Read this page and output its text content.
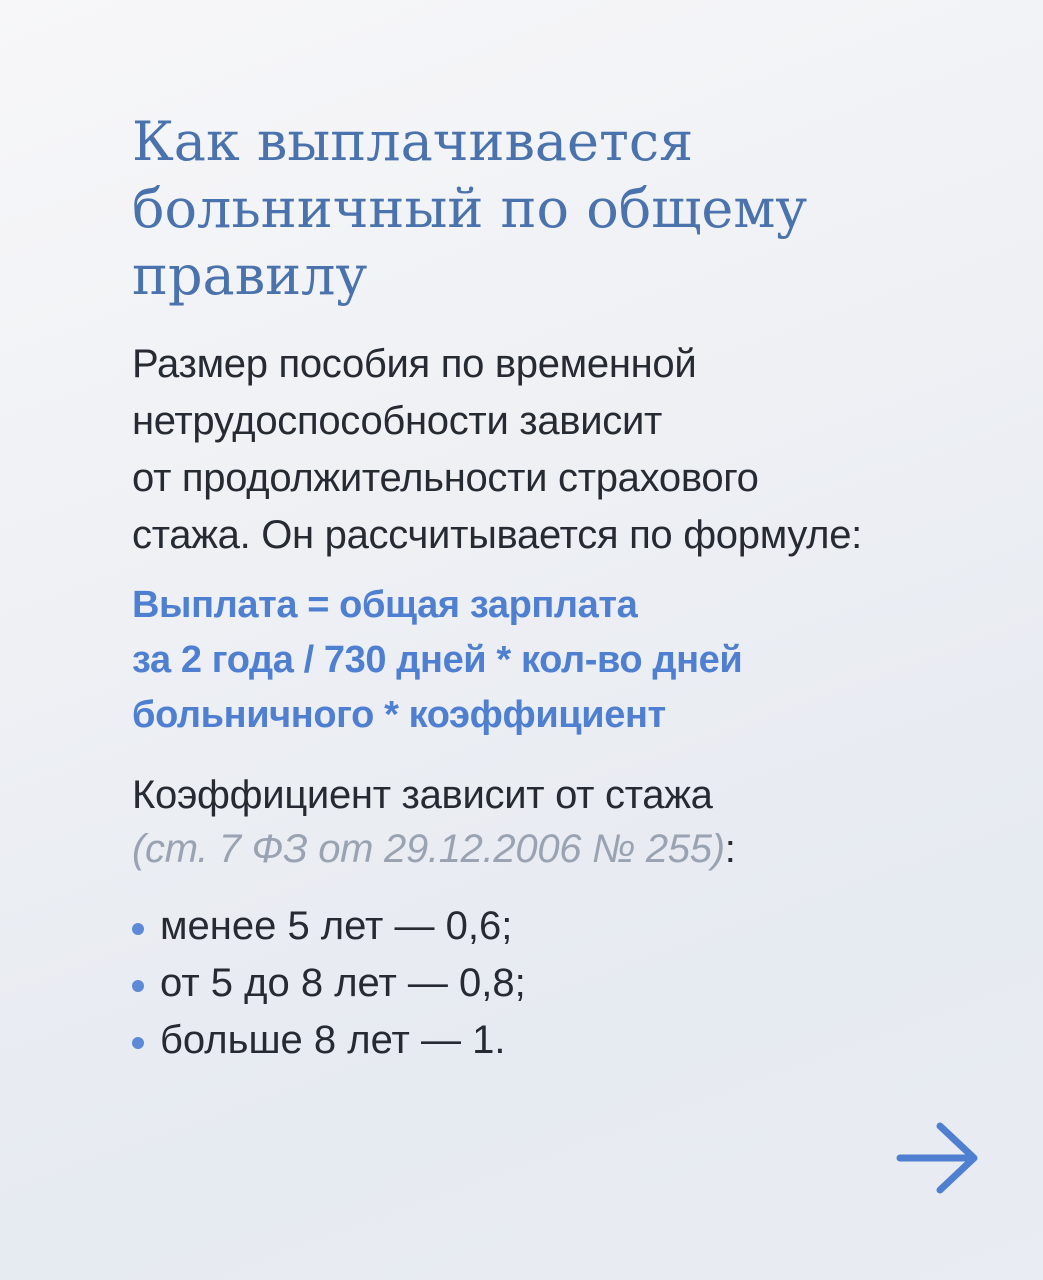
Как выплачивается
больничный по общему
правилу

Размер пособия по временной
нетрудоспособности зависит
от продолжительности страхового
стажа. Он рассчитывается по формуле:

Выплата = общая зарплата
за 2 года / 730 дней * кол-во дней
больничного * коэффициент

Коэффициент зависит от стажа
(ст. 7 ФЗ от 29.12.2006 № 255):

менее 5 лет — 0,6;
от 5 до 8 лет — 0,8;
больше 8 лет — 1.
